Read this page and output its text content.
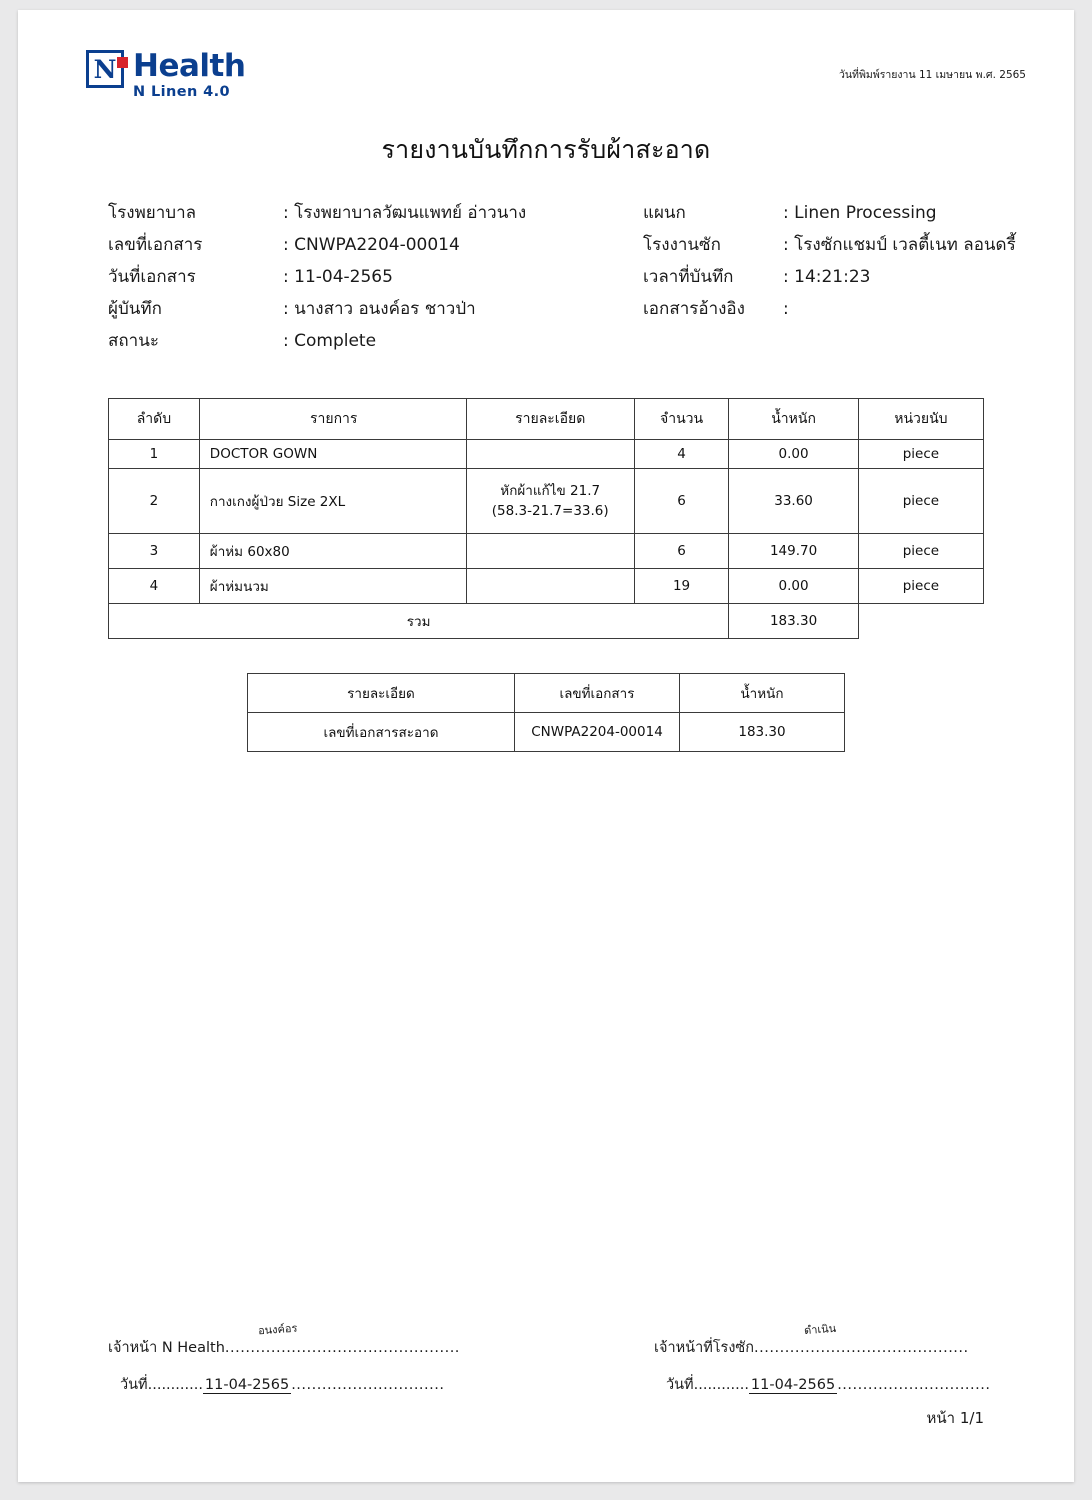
N Health
N Linen 4.0
วันที่พิมพ์รายงาน 11 เมษายน พ.ศ. 2565
รายงานบันทึกการรับผ้าสะอาด
โรงพยาบาล	: โรงพยาบาลวัฒนแพทย์ อ่าวนาง	แผนก	: Linen Processing
เลขที่เอกสาร	: CNWPA2204-00014	โรงงานซัก	: โรงซักแชมป์ เวลตี้เนท ลอนดรี้
วันที่เอกสาร	: 11-04-2565	เวลาที่บันทึก	: 14:21:23
ผู้บันทึก	: นางสาว อนงค์อร ชาวป่า	เอกสารอ้างอิง	:
สถานะ	: Complete
ลำดับ	รายการ	รายละเอียด	จำนวน	น้ำหนัก	หน่วยนับ
1	DOCTOR GOWN		4	0.00	piece
2	กางเกงผู้ป่วย Size 2XL	หักผ้าแก้ไข 21.7
(58.3-21.7=33.6)	6	33.60	piece
3	ผ้าห่ม 60x80		6	149.70	piece
4	ผ้าห่มนวม		19	0.00	piece
รวม				183.30	
รายละเอียด	เลขที่เอกสาร	น้ำหนัก
เลขที่เอกสารสะอาด	CNWPA2204-00014	183.30
อนงค์อร
เจ้าหน้า N Health..............................................
วันที่............ 11-04-2565 ..............................
ดำเนิน
เจ้าหน้าที่โรงซัก..........................................
วันที่............ 11-04-2565 ..............................
หน้า 1/1
